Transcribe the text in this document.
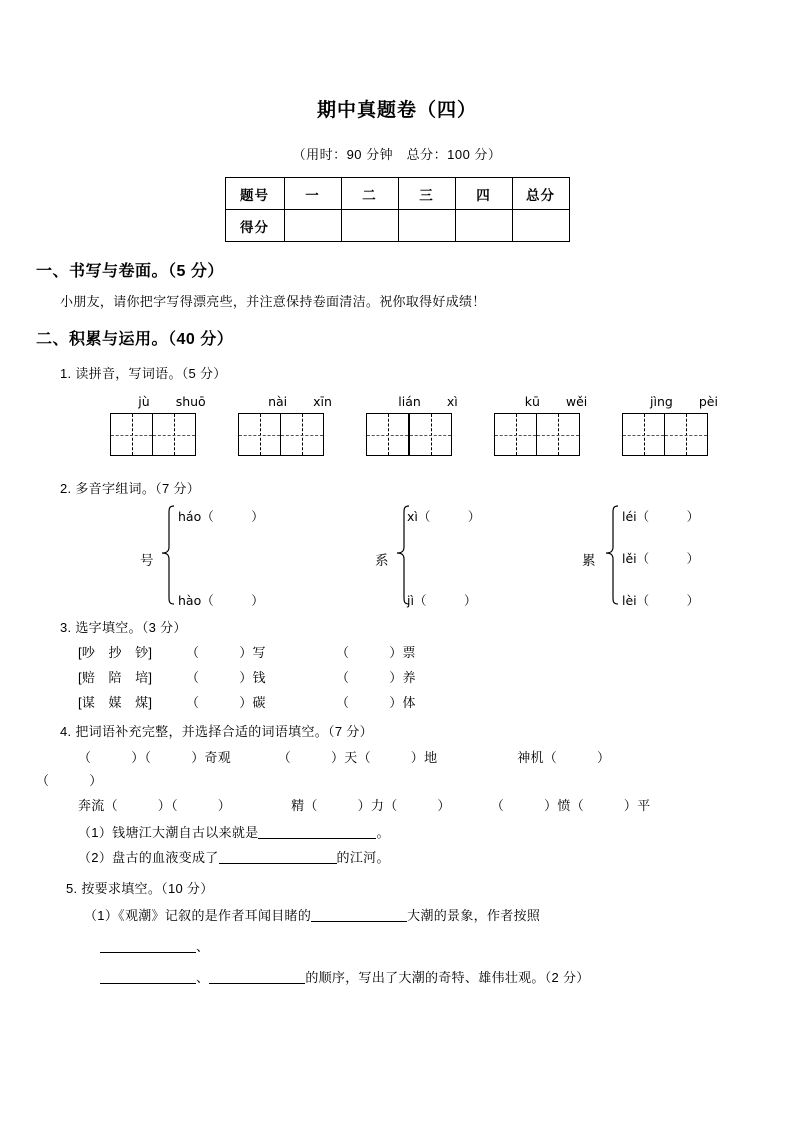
期中真题卷（四）
（用时：90 分钟　总分：100 分）
题号	一	二	三	四	总分
得分					
一、书写与卷面。（5 分）
小朋友，请你把字写得漂亮些，并注意保持卷面清洁。祝你取得好成绩！
二、积累与运用。（40 分）
1. 读拼音，写词语。（5 分）
jù shuō	nài xīn	lián xì	kū wěi	jìng pèi
2. 多音字组词。（7 分）
号
háo（　　　）
hào（　　　）
系
xì（　　　）
jì（　　　）
累
léi（　　　）
lěi（　　　）
lèi（　　　）
3. 选字填空。（3 分）
[吵　抄　钞]	（　　　）写	（　　　）票
[赔　陪　培]	（　　　）钱	（　　　）养
[谋　媒　煤]	（　　　）碳	（　　　）体
4. 把词语补充完整，并选择合适的词语填空。（7 分）
（　　　）（　　　）奇观　　　　（　　　）天（　　　）地　　　　　　神机（　　　）
（　　　）
奔流（　　　）（　　　）　　　　　精（　　　）力（　　　）　　　　（　　　）愤（　　　）平
（1）钱塘江大潮自古以来就是	。
（2）盘古的血液变成了	的江河。
5. 按要求填空。（10 分）
（1）《观潮》记叙的是作者耳闻目睹的	大潮的景象，作者按照
、
、	的顺序，写出了大潮的奇特、雄伟壮观。（2 分）
